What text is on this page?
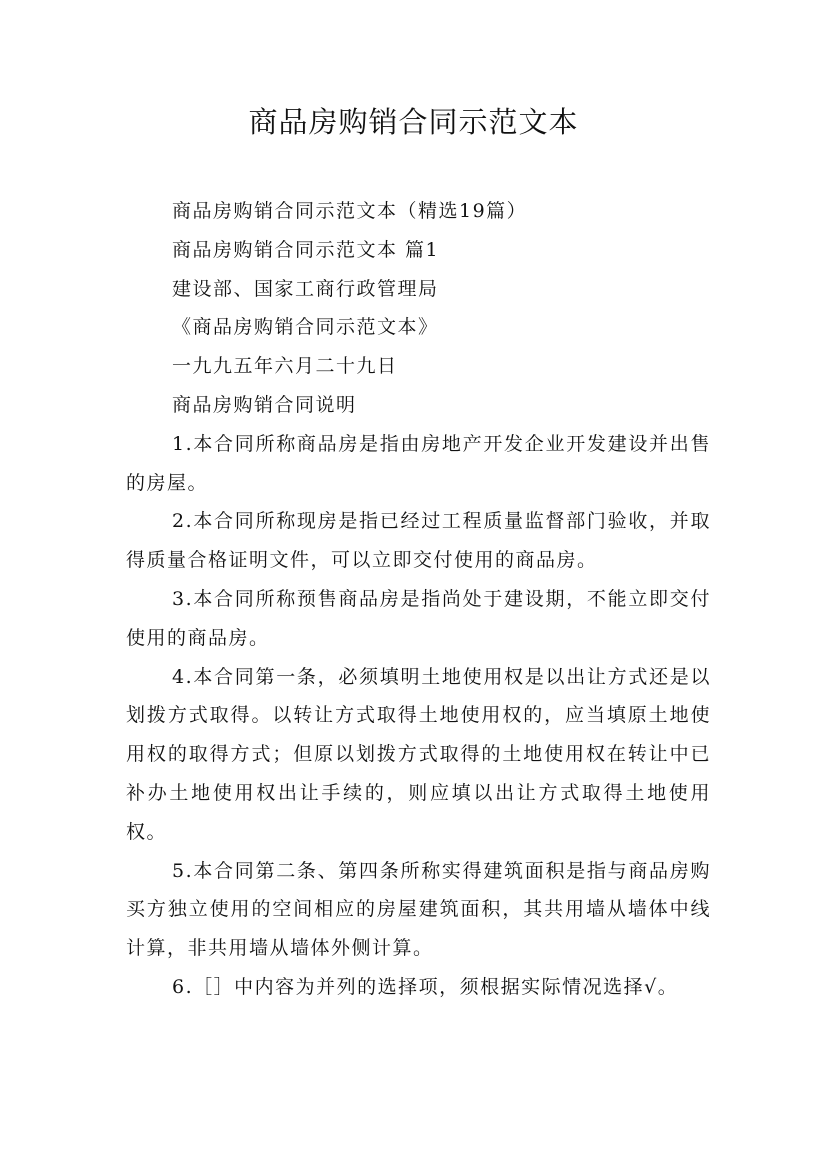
商品房购销合同示范文本

商品房购销合同示范文本（精选19篇）

商品房购销合同示范文本 篇1

建设部、国家工商行政管理局

《商品房购销合同示范文本》

一九九五年六月二十九日

商品房购销合同说明

1.本合同所称商品房是指由房地产开发企业开发建设并出售的房屋。

2.本合同所称现房是指已经过工程质量监督部门验收，并取得质量合格证明文件，可以立即交付使用的商品房。

3.本合同所称预售商品房是指尚处于建设期，不能立即交付使用的商品房。

4.本合同第一条，必须填明土地使用权是以出让方式还是以划拨方式取得。以转让方式取得土地使用权的，应当填原土地使用权的取得方式；但原以划拨方式取得的土地使用权在转让中已补办土地使用权出让手续的，则应填以出让方式取得土地使用权。

5.本合同第二条、第四条所称实得建筑面积是指与商品房购买方独立使用的空间相应的房屋建筑面积，其共用墙从墙体中线计算，非共用墙从墙体外侧计算。

6.［］中内容为并列的选择项，须根据实际情况选择√。
